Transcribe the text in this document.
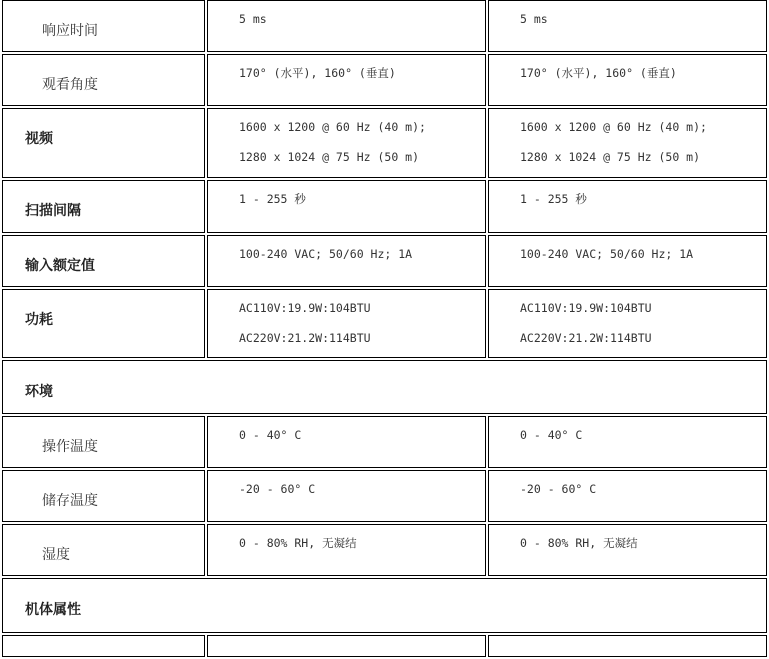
响应时间	5 ms	5 ms

观看角度	170° (水平), 160° (垂直)	170° (水平), 160° (垂直)

视频	1600 x 1200 @ 60 Hz (40 m);
1280 x 1024 @ 75 Hz (50 m)	1600 x 1200 @ 60 Hz (40 m);
1280 x 1024 @ 75 Hz (50 m)

扫描间隔	1 - 255 秒	1 - 255 秒

输入额定值	100-240 VAC; 50/60 Hz; 1A	100-240 VAC; 50/60 Hz; 1A

功耗	AC110V:19.9W:104BTU
AC220V:21.2W:114BTU	AC110V:19.9W:104BTU
AC220V:21.2W:114BTU

环境		

操作温度	0 - 40° C	0 - 40° C

储存温度	-20 - 60° C	-20 - 60° C

湿度	0 - 80% RH, 无凝结	0 - 80% RH, 无凝结

机体属性		
